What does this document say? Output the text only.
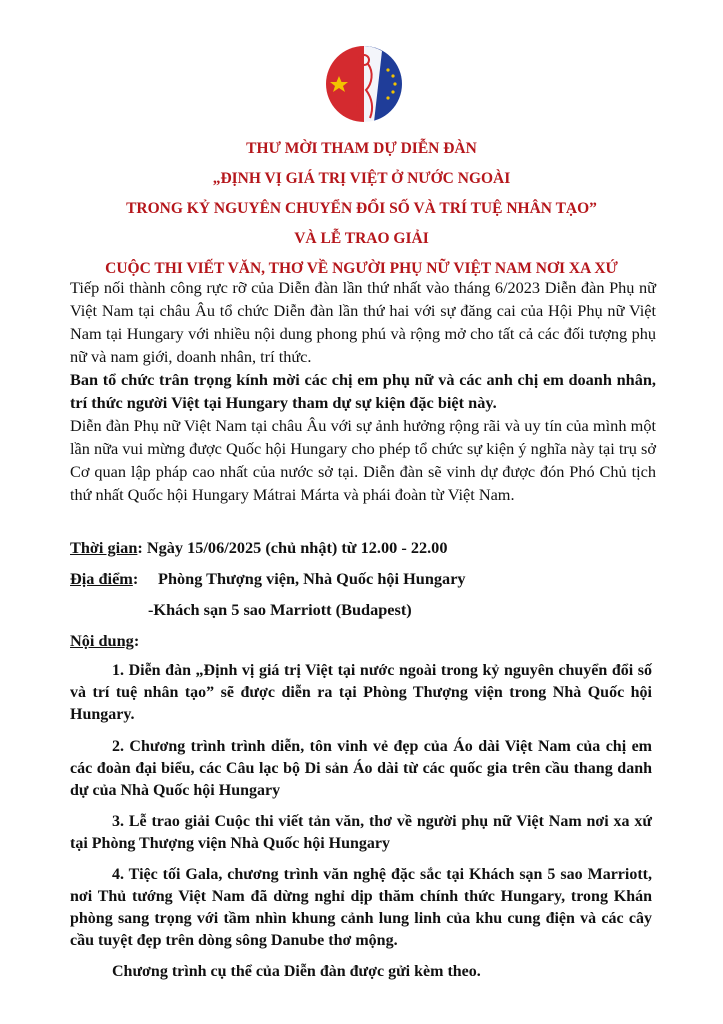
THƯ MỜI THAM DỰ DIỄN ĐÀN
„ĐỊNH VỊ GIÁ TRỊ VIỆT Ở NƯỚC NGOÀI
TRONG KỶ NGUYÊN CHUYỂN ĐỔI SỐ VÀ TRÍ TUỆ NHÂN TẠO”
VÀ LỄ TRAO GIẢI
CUỘC THI VIẾT VĂN, THƠ VỀ NGƯỜI PHỤ NỮ VIỆT NAM NƠI XA XỨ

Tiếp nối thành công rực rỡ của Diễn đàn lần thứ nhất vào tháng 6/2023 Diễn đàn Phụ nữ Việt Nam tại châu Âu tổ chức Diễn đàn lần thứ hai với sự đăng cai của Hội Phụ nữ Việt Nam tại Hungary với nhiều nội dung phong phú và rộng mở cho tất cả các đối tượng phụ nữ và nam giới, doanh nhân, trí thức.

Ban tổ chức trân trọng kính mời các chị em phụ nữ và các anh chị em doanh nhân, trí thức người Việt tại Hungary tham dự sự kiện đặc biệt này.

Diễn đàn Phụ nữ Việt Nam tại châu Âu với sự ảnh hưởng rộng rãi và uy tín của mình một lần nữa vui mừng được Quốc hội Hungary cho phép tổ chức sự kiện ý nghĩa này tại trụ sở Cơ quan lập pháp cao nhất của nước sở tại. Diễn đàn sẽ vinh dự được đón Phó Chủ tịch thứ nhất Quốc hội Hungary Mátrai Márta và phái đoàn từ Việt Nam.

Thời gian: Ngày 15/06/2025 (chủ nhật) từ 12.00 - 22.00
Địa điểm: Phòng Thượng viện, Nhà Quốc hội Hungary
-Khách sạn 5 sao Marriott (Budapest)
Nội dung:
1. Diễn đàn „Định vị giá trị Việt tại nước ngoài trong kỷ nguyên chuyển đổi số và trí tuệ nhân tạo” sẽ được diễn ra tại Phòng Thượng viện trong Nhà Quốc hội Hungary.
2. Chương trình trình diễn, tôn vinh vẻ đẹp của Áo dài Việt Nam của chị em các đoàn đại biểu, các Câu lạc bộ Di sản Áo dài từ các quốc gia trên cầu thang danh dự của Nhà Quốc hội Hungary
3. Lễ trao giải Cuộc thi viết tản văn, thơ về người phụ nữ Việt Nam nơi xa xứ tại Phòng Thượng viện Nhà Quốc hội Hungary
4. Tiệc tối Gala, chương trình văn nghệ đặc sắc tại Khách sạn 5 sao Marriott, nơi Thủ tướng Việt Nam đã dừng nghỉ dịp thăm chính thức Hungary, trong Khán phòng sang trọng với tầm nhìn khung cảnh lung linh của khu cung điện và các cây cầu tuyệt đẹp trên dòng sông Danube thơ mộng.
Chương trình cụ thể của Diễn đàn được gửi kèm theo.
